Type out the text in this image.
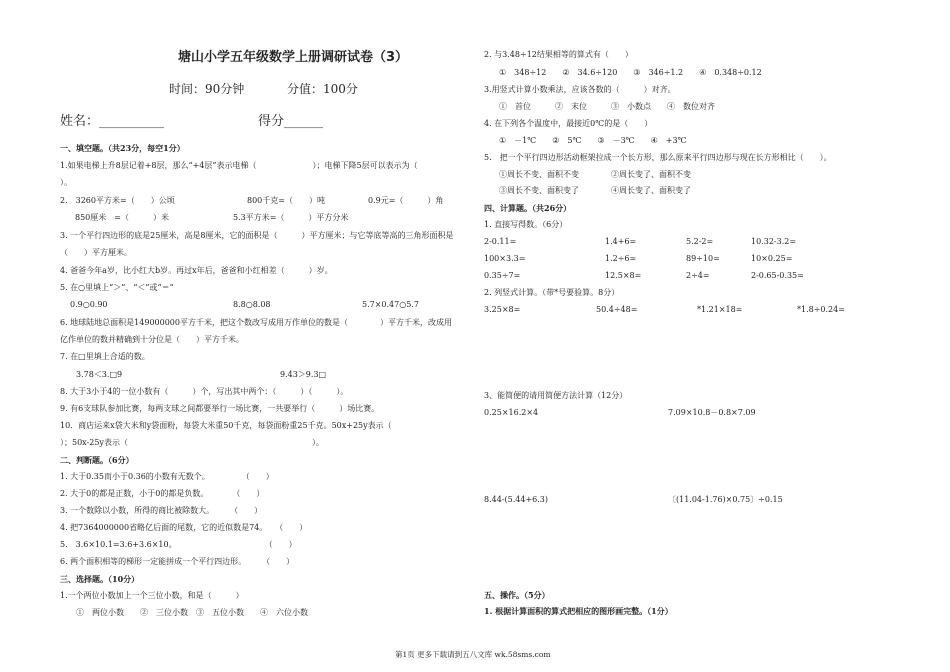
塘山小学五年级数学上册调研试卷（3）
时间：90分钟	分值：100分
姓名：__________	得分______
一、填空题。（共23分，每空1分）
1.如果电梯上升8层记着+8层，那么“+4层”表示电梯（　　　　　　　）；电梯下降5层可以表示为（
）。
2.　3260平方米=（　　）公顷	800千克=（　　）吨	0.9元=（　　　）角
850厘米　=（　　　）米	5.3平方米=（　　　）平方分米
3. 一个平行四边形的底是25厘米，高是8厘米，它的面积是（　　　）平方厘米；与它等底等高的三角形面积是
（　　）平方厘米。
4. 爸爸今年a岁，比小红大b岁。再过x年后，爸爸和小红相差（　　　）岁。
5. 在○里填上“＞”、“＜”或“＝”
0.9○0.90	8.8○8.08	5.7×0.47○5.7
6. 地球陆地总面积是149000000平方千米，把这个数改写成用万作单位的数是（　　　　）平方千米，改成用
亿作单位的数并精确到十分位是（　　）平方千米。
7. 在□里填上合适的数。
3.78＜3.□9	9.43＞9.3□
8. 大于3小于4的一位小数有（　　　）个，写出其中两个：（　　　）（　　　）。
9. 有6支球队参加比赛，每两支球之间都要举行一场比赛，一共要举行（　　　）场比赛。
10．商店运来x袋大米和y袋面粉，每袋大米重50千克，每袋面粉重25千克。50x+25y表示（
）；50x-25y表示（　　　　　　　　　　　　　　　　　　　　　　　）。
二、判断题。（6分）
1. 大于0.35而小于0.36的小数有无数个。　　　　　（　　）
2. 大于0的都是正数，小于0的都是负数。　　　　（　　）
3. 一个数除以小数，所得的商比被除数大。　　　（　　）
4. 把7364000000省略亿后面的尾数，它的近似数是74。　　（　　）
5.　3.6×10.1=3.6+3.6×10。　　　　　　　　　　　　（　　）
6. 两个面积相等的梯形一定能拼成一个平行四边形。　　　（　　）
三、选择题。（10分）
1.一个两位小数加上一个三位小数，和是（　　　）
①　两位小数　　②　三位小数　③　五位小数　　④　六位小数
2. 与3.48÷12结果相等的算式有（　　）
①　348÷12　　②　34.6÷120　　③　346÷1.2　　④　0.348÷0.12
3.用竖式计算小数乘法，应该各数的（　　　）对齐。
①　首位　　　②　末位　　　③　小数点　　④　数位对齐
4. 在下列各个温度中，最接近0℃的是（　　）
①　－1℃　　②　5℃　　③　－3℃　　④　+3℃
5.　把一个平行四边形活动框架拉成一个长方形，那么原来平行四边形与现在长方形相比（　　）。
①周长不变、面积不变　　　　②周长变了、面积不变
③周长不变、面积变了　　　　④周长变了、面积变了
四、计算题。（共26分）
1. 直接写得数。（6分）
2-0.11=	1.4+6=	5.2-2=	10.32-3.2=
100×3.3=	1.2÷6=	89÷10=	10×0.25=
0.35÷7=	12.5×8=	2÷4=	2-0.65-0.35=
2. 列竖式计算。（带*号要验算。8分）
3.25×8=	50.4÷48=	*1.21×18=	*1.8÷0.24=
3、能简便的请用简便方法计算（12分）
0.25×16.2×4	7.09×10.8－0.8×7.09
8.44-(5.44+6.3)	〔(11.04-1.76)×0.75〕÷0.15
五、操作。（5分）
1. 根据计算面积的算式把相应的图形画完整。（1分）
第1页 更多下载请到五八文库 wk.58sms.com
